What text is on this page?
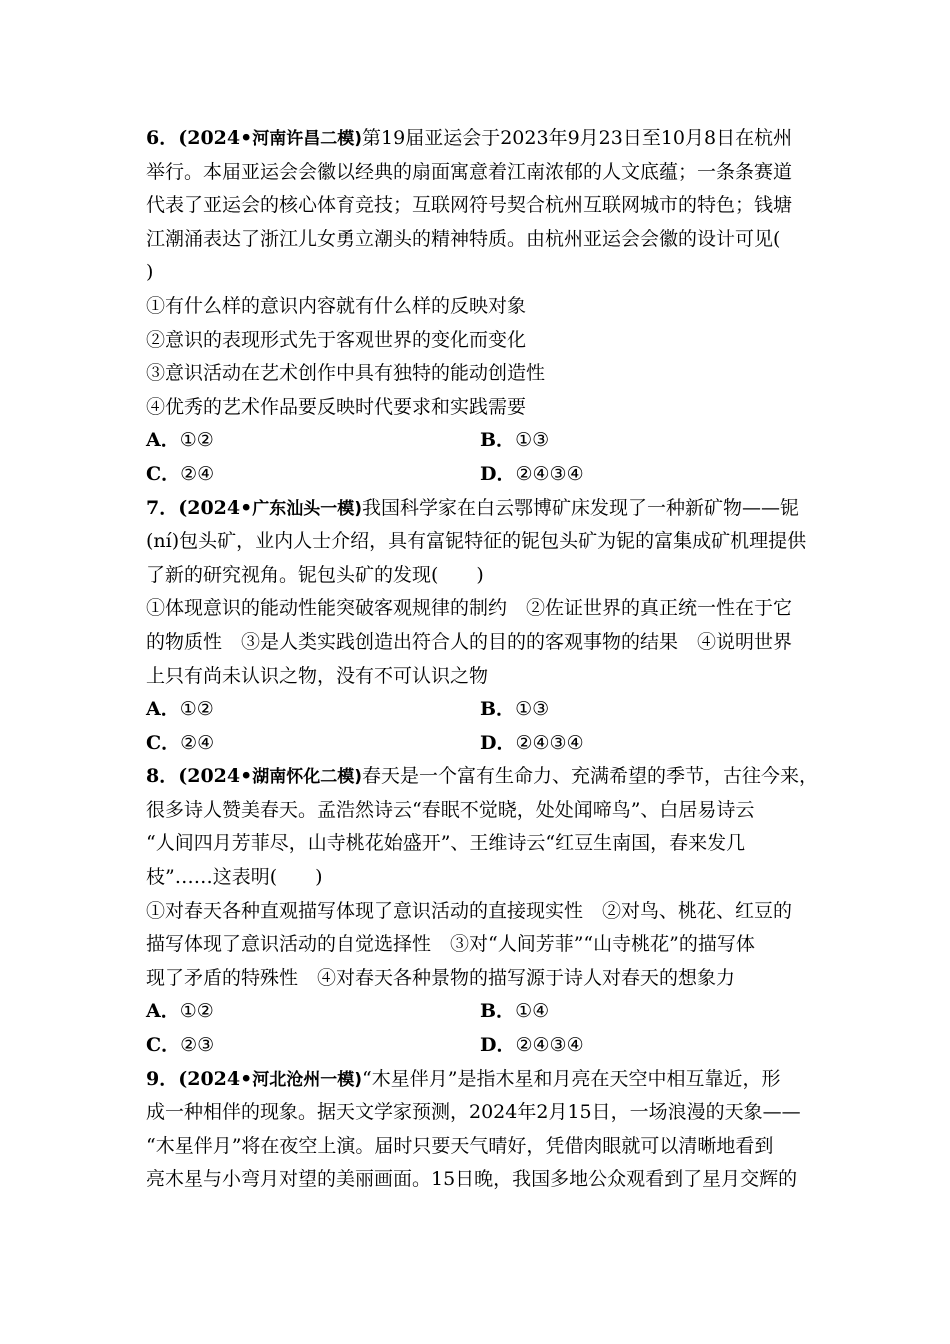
6．(2024•河南许昌二模)第19届亚运会于2023年9月23日至10月8日在杭州
举行。本届亚运会会徽以经典的扇面寓意着江南浓郁的人文底蕴；一条条赛道
代表了亚运会的核心体育竞技；互联网符号契合杭州互联网城市的特色；钱塘
江潮涌表达了浙江儿女勇立潮头的精神特质。由杭州亚运会会徽的设计可见(
)
①有什么样的意识内容就有什么样的反映对象
②意识的表现形式先于客观世界的变化而变化
③意识活动在艺术创作中具有独特的能动创造性
④优秀的艺术作品要反映时代要求和实践需要
A．①②	B．①③
C．②④	D．②④③④
7．(2024•广东汕头一模)我国科学家在白云鄂博矿床发现了一种新矿物——铌
(ní)包头矿，业内人士介绍，具有富铌特征的铌包头矿为铌的富集成矿机理提供
了新的研究视角。铌包头矿的发现(　　)
①体现意识的能动性能突破客观规律的制约　②佐证世界的真正统一性在于它
的物质性　③是人类实践创造出符合人的目的的客观事物的结果　④说明世界
上只有尚未认识之物，没有不可认识之物
A．①②	B．①③
C．②④	D．②④③④
8．(2024•湖南怀化二模)春天是一个富有生命力、充满希望的季节，古往今来，
很多诗人赞美春天。孟浩然诗云“春眠不觉晓，处处闻啼鸟”、白居易诗云
“人间四月芳菲尽，山寺桃花始盛开”、王维诗云“红豆生南国，春来发几
枝”……这表明(　　)
①对春天各种直观描写体现了意识活动的直接现实性　②对鸟、桃花、红豆的
描写体现了意识活动的自觉选择性　③对“人间芳菲”“山寺桃花”的描写体
现了矛盾的特殊性　④对春天各种景物的描写源于诗人对春天的想象力
A．①②	B．①④
C．②③	D．②④③④
9．(2024•河北沧州一模)“木星伴月”是指木星和月亮在天空中相互靠近，形
成一种相伴的现象。据天文学家预测，2024年2月15日，一场浪漫的天象——
“木星伴月”将在夜空上演。届时只要天气晴好，凭借肉眼就可以清晰地看到
亮木星与小弯月对望的美丽画面。15日晚，我国多地公众观看到了星月交辉的
